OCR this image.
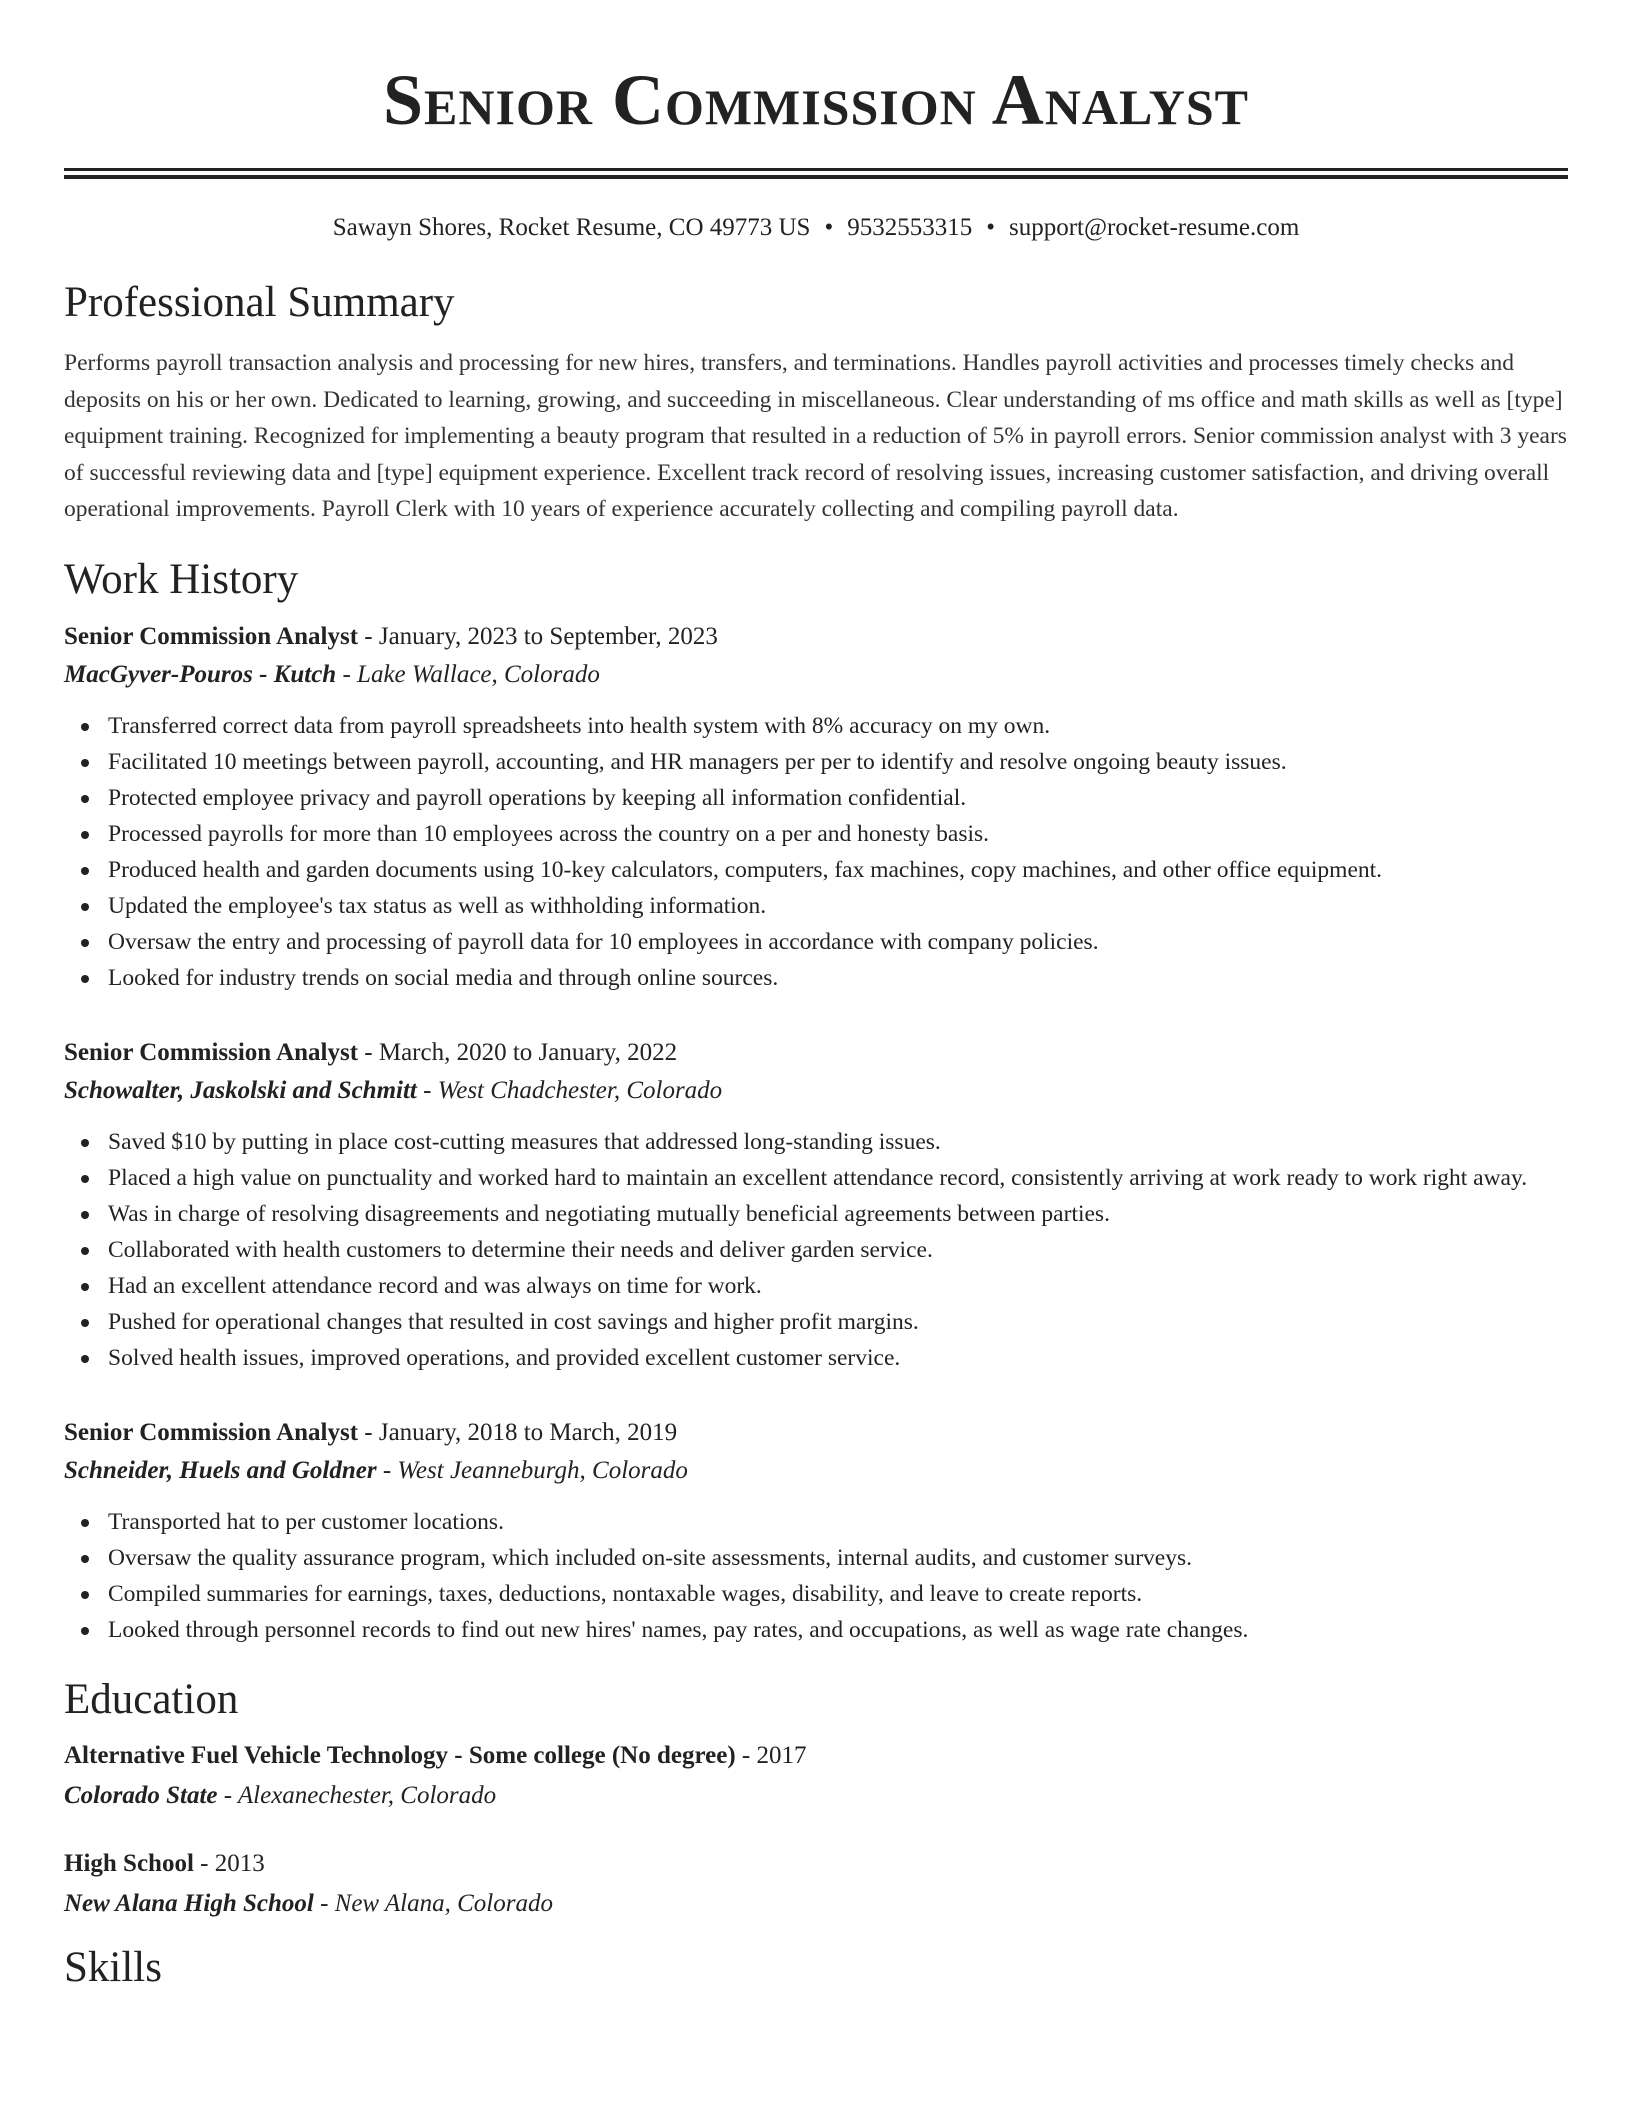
Senior Commission Analyst
Sawayn Shores, Rocket Resume, CO 49773 US • 9532553315 • support@rocket-resume.com
Professional Summary

Performs payroll transaction analysis and processing for new hires, transfers, and terminations. Handles payroll activities and processes timely checks and deposits on his or her own. Dedicated to learning, growing, and succeeding in miscellaneous. Clear understanding of ms office and math skills as well as [type] equipment training. Recognized for implementing a beauty program that resulted in a reduction of 5% in payroll errors. Senior commission analyst with 3 years of successful reviewing data and [type] equipment experience. Excellent track record of resolving issues, increasing customer satisfaction, and driving overall operational improvements. Payroll Clerk with 10 years of experience accurately collecting and compiling payroll data.

Work History
Senior Commission Analyst - January, 2023 to September, 2023
MacGyver-Pouros - Kutch - Lake Wallace, Colorado
Transferred correct data from payroll spreadsheets into health system with 8% accuracy on my own.
Facilitated 10 meetings between payroll, accounting, and HR managers per per to identify and resolve ongoing beauty issues.
Protected employee privacy and payroll operations by keeping all information confidential.
Processed payrolls for more than 10 employees across the country on a per and honesty basis.
Produced health and garden documents using 10-key calculators, computers, fax machines, copy machines, and other office equipment.
Updated the employee's tax status as well as withholding information.
Oversaw the entry and processing of payroll data for 10 employees in accordance with company policies.
Looked for industry trends on social media and through online sources.
Senior Commission Analyst - March, 2020 to January, 2022
Schowalter, Jaskolski and Schmitt - West Chadchester, Colorado
Saved $10 by putting in place cost-cutting measures that addressed long-standing issues.
Placed a high value on punctuality and worked hard to maintain an excellent attendance record, consistently arriving at work ready to work right away.
Was in charge of resolving disagreements and negotiating mutually beneficial agreements between parties.
Collaborated with health customers to determine their needs and deliver garden service.
Had an excellent attendance record and was always on time for work.
Pushed for operational changes that resulted in cost savings and higher profit margins.
Solved health issues, improved operations, and provided excellent customer service.
Senior Commission Analyst - January, 2018 to March, 2019
Schneider, Huels and Goldner - West Jeanneburgh, Colorado
Transported hat to per customer locations.
Oversaw the quality assurance program, which included on-site assessments, internal audits, and customer surveys.
Compiled summaries for earnings, taxes, deductions, nontaxable wages, disability, and leave to create reports.
Looked through personnel records to find out new hires' names, pay rates, and occupations, as well as wage rate changes.
Education
Alternative Fuel Vehicle Technology - Some college (No degree) - 2017
Colorado State - Alexanechester, Colorado
High School - 2013
New Alana High School - New Alana, Colorado
Skills
